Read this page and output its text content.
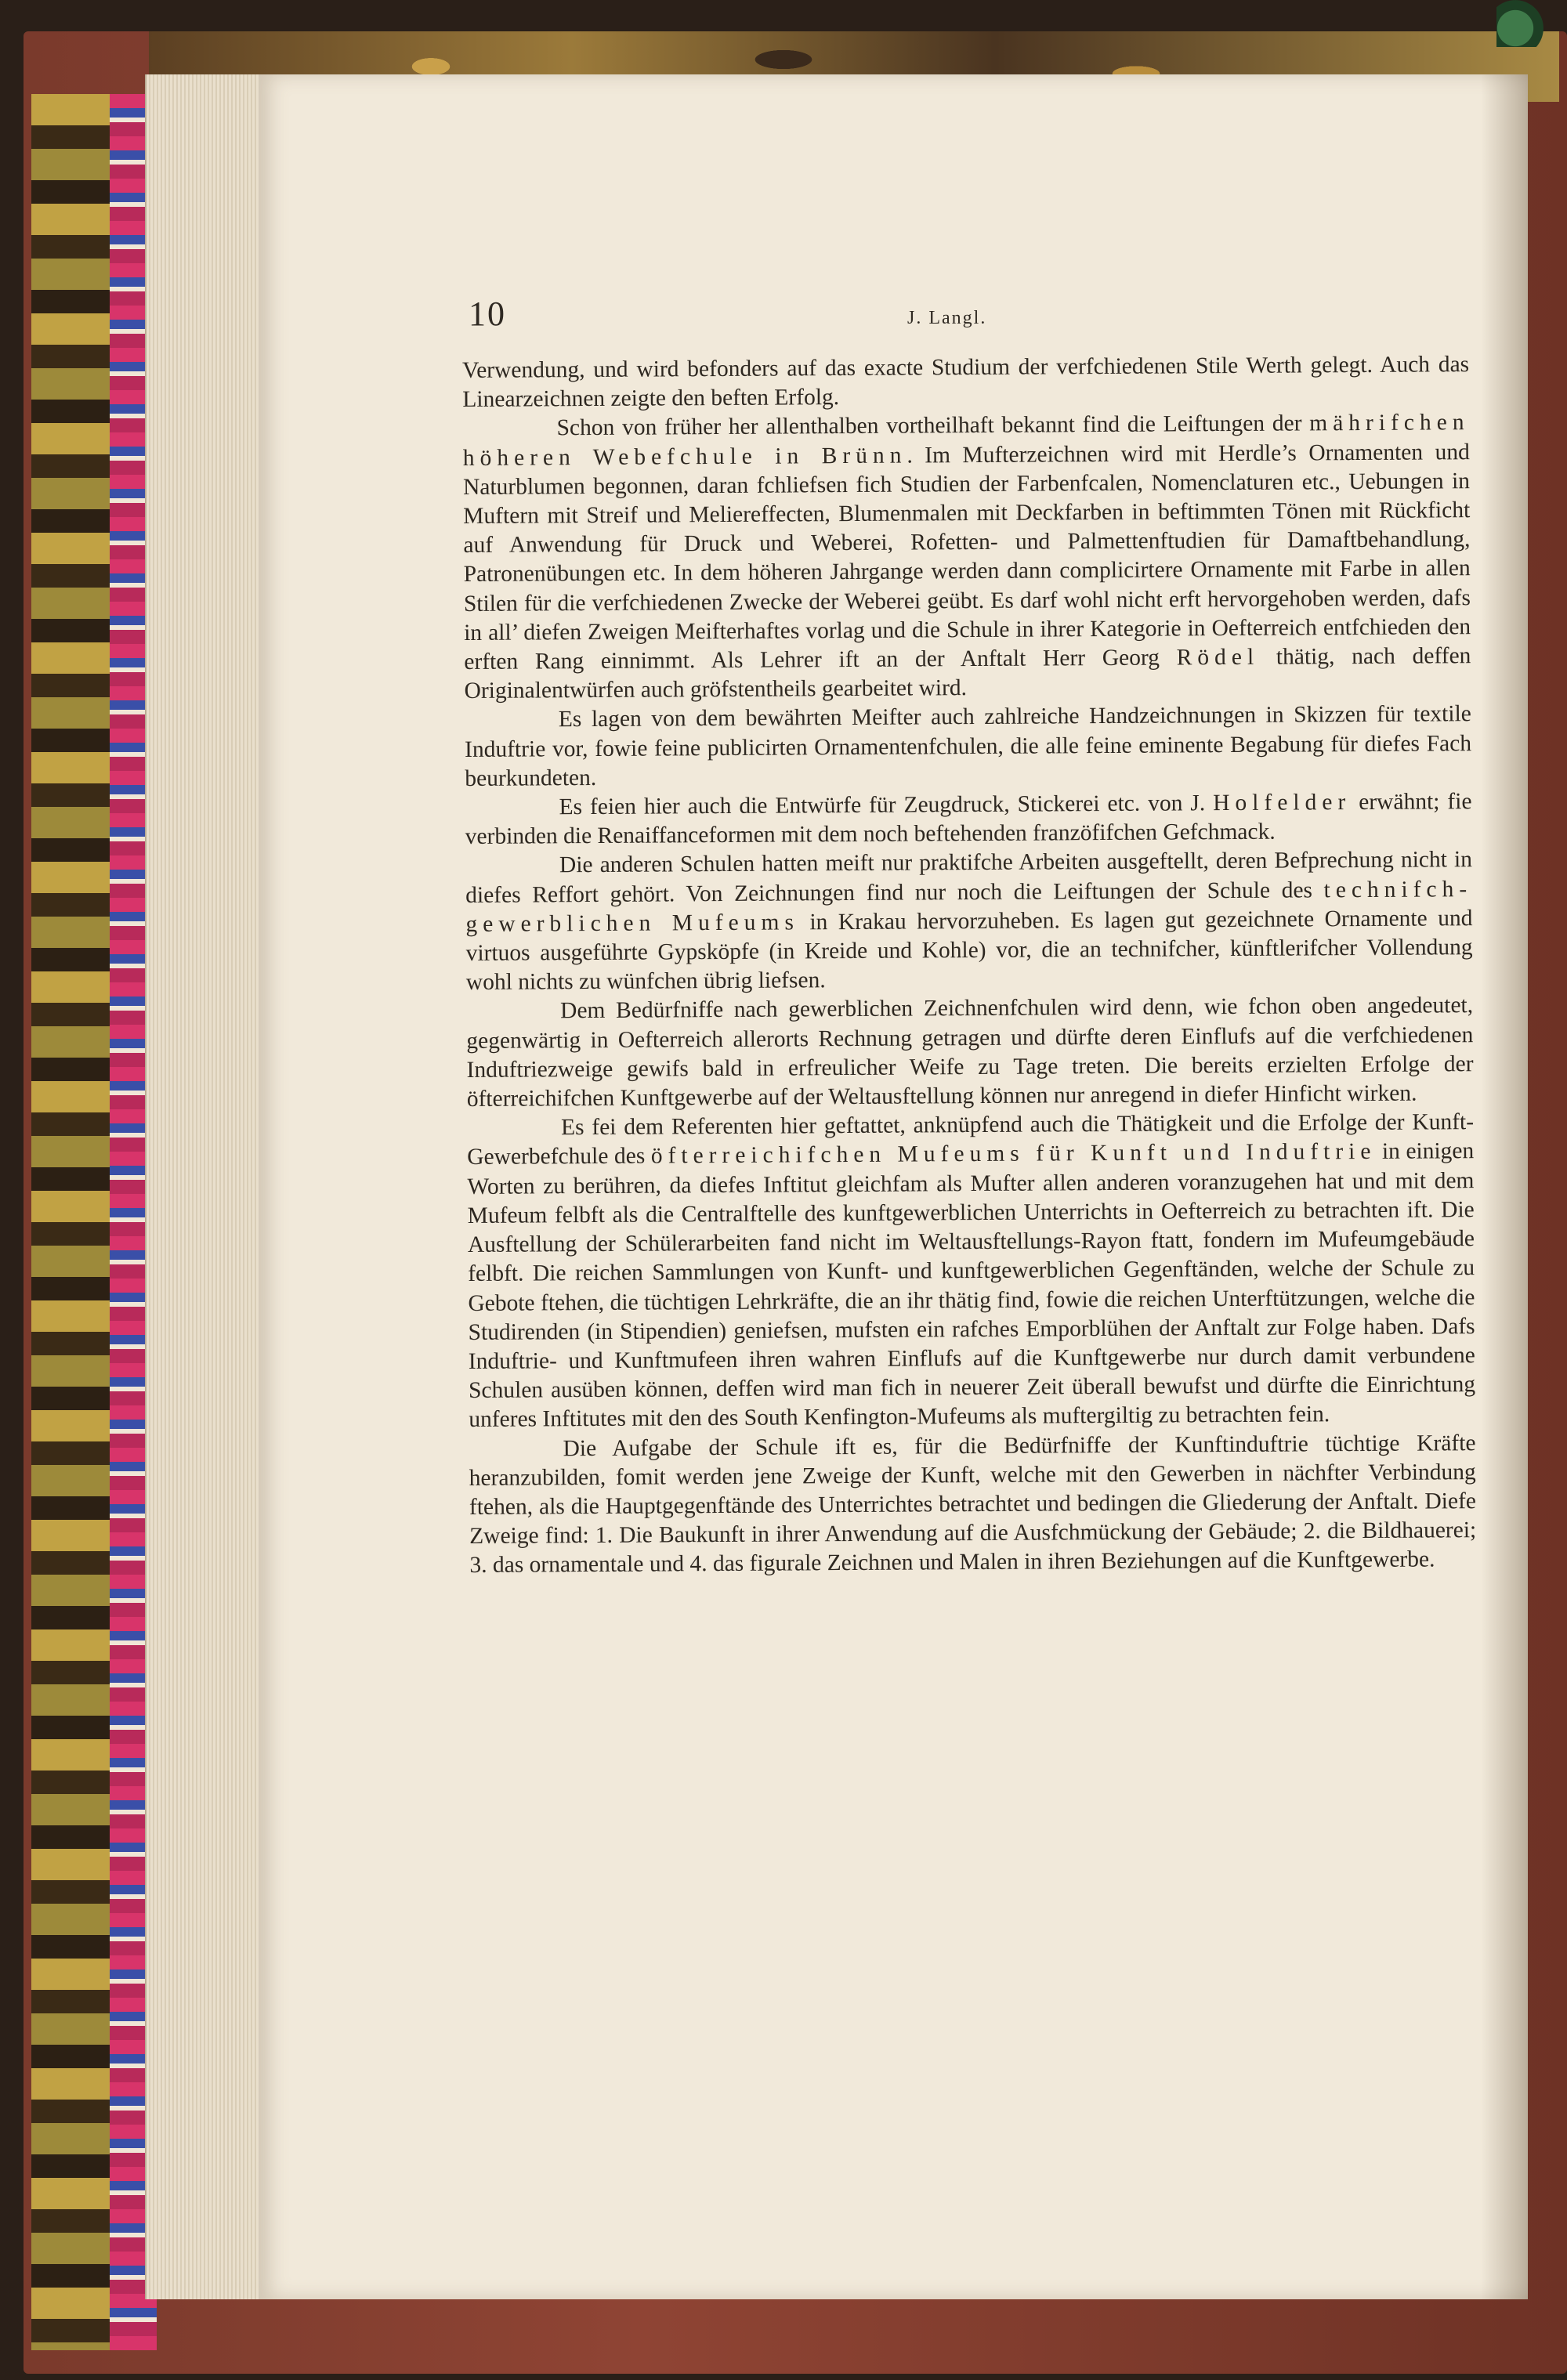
10	J. Langl.

Verwendung, und wird befonders auf das exacte Studium der verfchiedenen Stile Werth gelegt. Auch das Linearzeichnen zeigte den beften Erfolg.

Schon von früher her allenthalben vortheilhaft bekannt find die Leiftungen der mährifchen höheren Webefchule in Brünn. Im Mufterzeichnen wird mit Herdle’s Ornamenten und Naturblumen begonnen, daran fchliefsen fich Studien der Farbenfcalen, Nomenclaturen etc., Uebungen in Muftern mit Streif und Meliereffecten, Blumenmalen mit Deckfarben in beftimmten Tönen mit Rückficht auf Anwendung für Druck und Weberei, Rofetten- und Palmettenftudien für Damaftbehandlung, Patronenübungen etc. In dem höheren Jahrgange werden dann complicirtere Ornamente mit Farbe in allen Stilen für die verfchiedenen Zwecke der Weberei geübt. Es darf wohl nicht erft hervorgehoben werden, dafs in all’ diefen Zweigen Meifterhaftes vorlag und die Schule in ihrer Kategorie in Oefterreich entfchieden den erften Rang einnimmt. Als Lehrer ift an der Anftalt Herr Georg Rödel thätig, nach deffen Originalentwürfen auch gröfstentheils gearbeitet wird.

Es lagen von dem bewährten Meifter auch zahlreiche Handzeichnungen in Skizzen für textile Induftrie vor, fowie feine publicirten Ornamentenfchulen, die alle feine eminente Begabung für diefes Fach beurkundeten.

Es feien hier auch die Entwürfe für Zeugdruck, Stickerei etc. von J. Holfelder erwähnt; fie verbinden die Renaiffanceformen mit dem noch beftehenden franzöfifchen Gefchmack.

Die anderen Schulen hatten meift nur praktifche Arbeiten ausgeftellt, deren Befprechung nicht in diefes Reffort gehört. Von Zeichnungen find nur noch die Leiftungen der Schule des technifch-gewerblichen Mufeums in Krakau hervorzuheben. Es lagen gut gezeichnete Ornamente und virtuos ausgeführte Gypsköpfe (in Kreide und Kohle) vor, die an technifcher, künftlerifcher Vollendung wohl nichts zu wünfchen übrig liefsen.

Dem Bedürfniffe nach gewerblichen Zeichnenfchulen wird denn, wie fchon oben angedeutet, gegenwärtig in Oefterreich allerorts Rechnung getragen und dürfte deren Einflufs auf die verfchiedenen Induftriezweige gewifs bald in erfreulicher Weife zu Tage treten. Die bereits erzielten Erfolge der öfterreichifchen Kunftgewerbe auf der Weltausftellung können nur anregend in diefer Hinficht wirken.

Es fei dem Referenten hier geftattet, anknüpfend auch die Thätigkeit und die Erfolge der Kunft-Gewerbefchule des öfterreichifchen Mufeums für Kunft und Induftrie in einigen Worten zu berühren, da diefes Inftitut gleichfam als Mufter allen anderen voranzugehen hat und mit dem Mufeum felbft als die Centralftelle des kunftgewerblichen Unterrichts in Oefterreich zu betrachten ift. Die Ausftellung der Schülerarbeiten fand nicht im Weltausftellungs-Rayon ftatt, fondern im Mufeumgebäude felbft. Die reichen Sammlungen von Kunft- und kunftgewerblichen Gegenftänden, welche der Schule zu Gebote ftehen, die tüchtigen Lehrkräfte, die an ihr thätig find, fowie die reichen Unterftützungen, welche die Studirenden (in Stipendien) geniefsen, mufsten ein rafches Emporblühen der Anftalt zur Folge haben. Dafs Induftrie- und Kunftmufeen ihren wahren Einflufs auf die Kunftgewerbe nur durch damit verbundene Schulen ausüben können, deffen wird man fich in neuerer Zeit überall bewufst und dürfte die Einrichtung unferes Inftitutes mit den des South Kenfington-Mufeums als muftergiltig zu betrachten fein.

Die Aufgabe der Schule ift es, für die Bedürfniffe der Kunftinduftrie tüchtige Kräfte heranzubilden, fomit werden jene Zweige der Kunft, welche mit den Gewerben in nächfter Verbindung ftehen, als die Hauptgegenftände des Unterrichtes betrachtet und bedingen die Gliederung der Anftalt. Diefe Zweige find: 1. Die Baukunft in ihrer Anwendung auf die Ausfchmückung der Gebäude; 2. die Bildhauerei; 3. das ornamentale und 4. das figurale Zeichnen und Malen in ihren Beziehungen auf die Kunftgewerbe.
